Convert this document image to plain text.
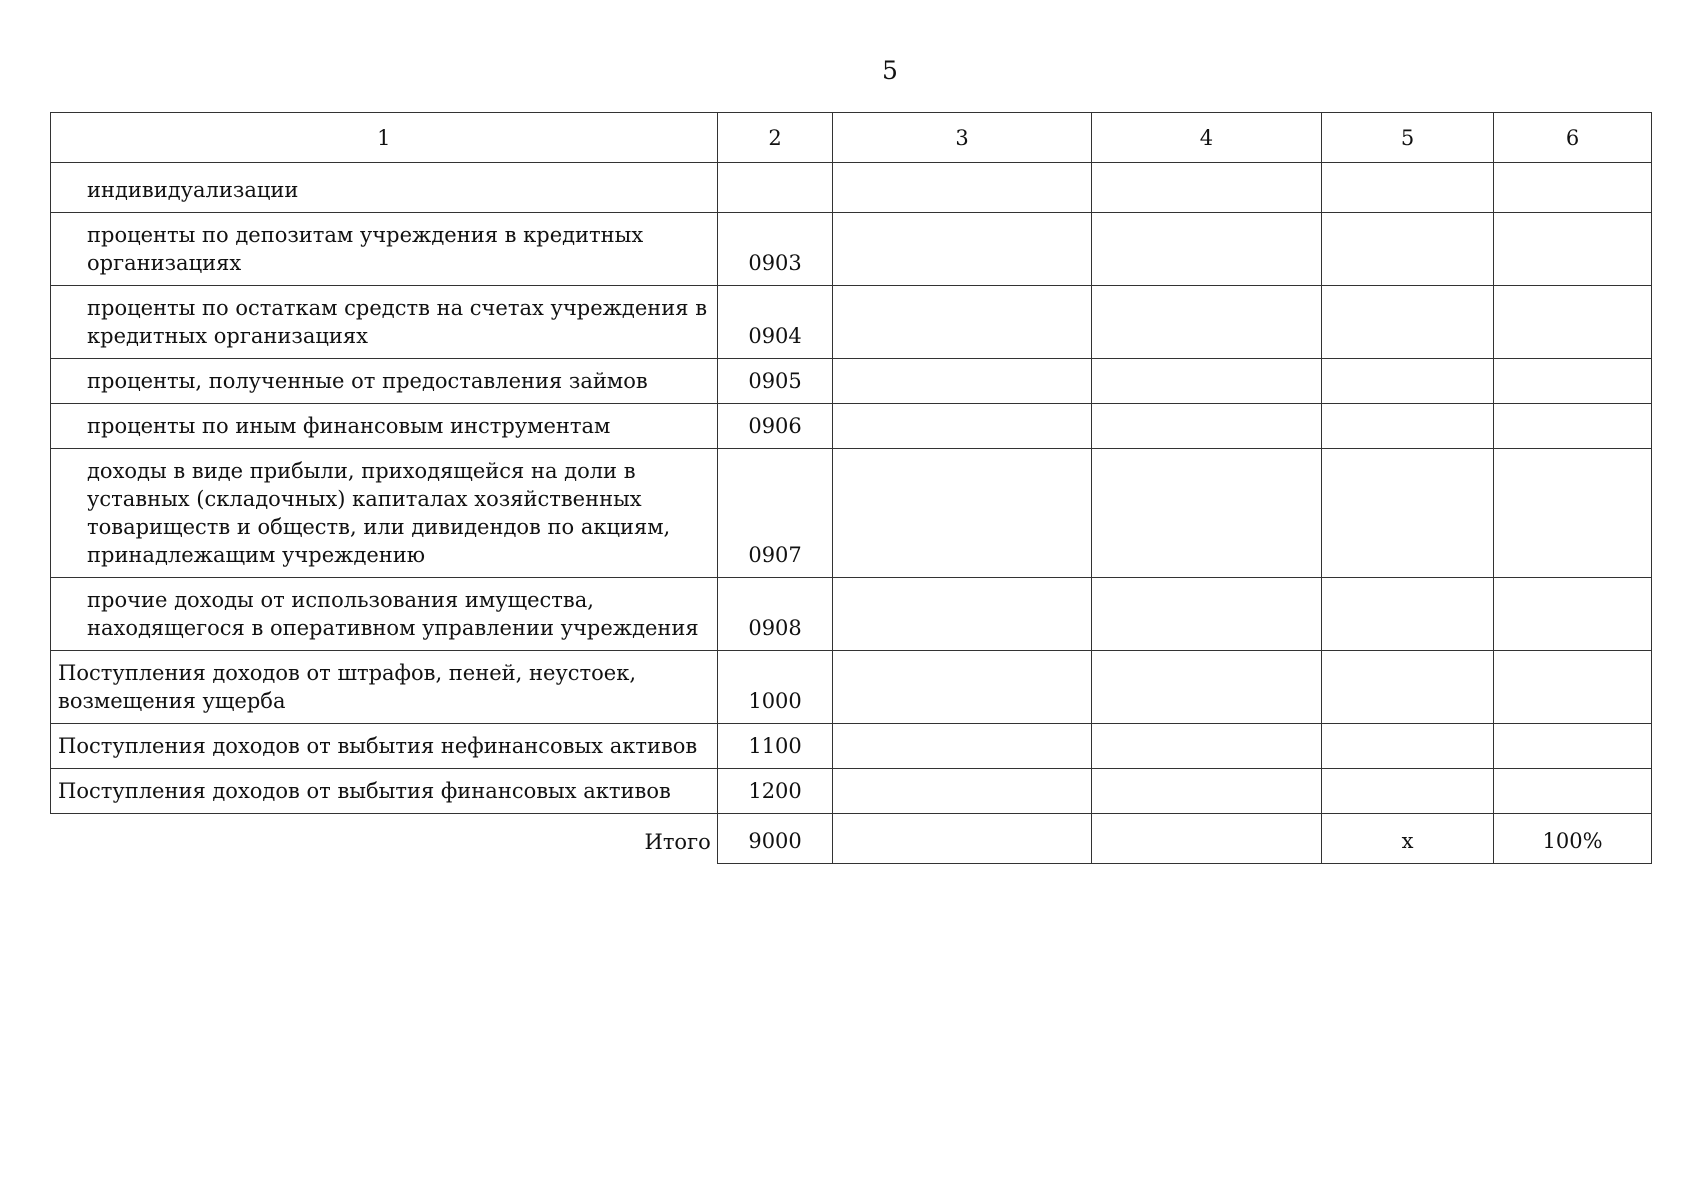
5
1	2	3	4	5	6
индивидуализации					
проценты по депозитам учреждения в кредитных организациях	0903				
проценты по остаткам средств на счетах учреждения в кредитных организациях	0904				
проценты, полученные от предоставления займов	0905				
проценты по иным финансовым инструментам	0906				
доходы в виде прибыли, приходящейся на доли в уставных (складочных) капиталах хозяйственных товариществ и обществ, или дивидендов по акциям, принадлежащим учреждению	0907				
прочие доходы от использования имущества, находящегося в оперативном управлении учреждения	0908				
Поступления доходов от штрафов, пеней, неустоек, возмещения ущерба	1000				
Поступления доходов от выбытия нефинансовых активов	1100				
Поступления доходов от выбытия финансовых активов	1200				
Итого	9000			x	100%
